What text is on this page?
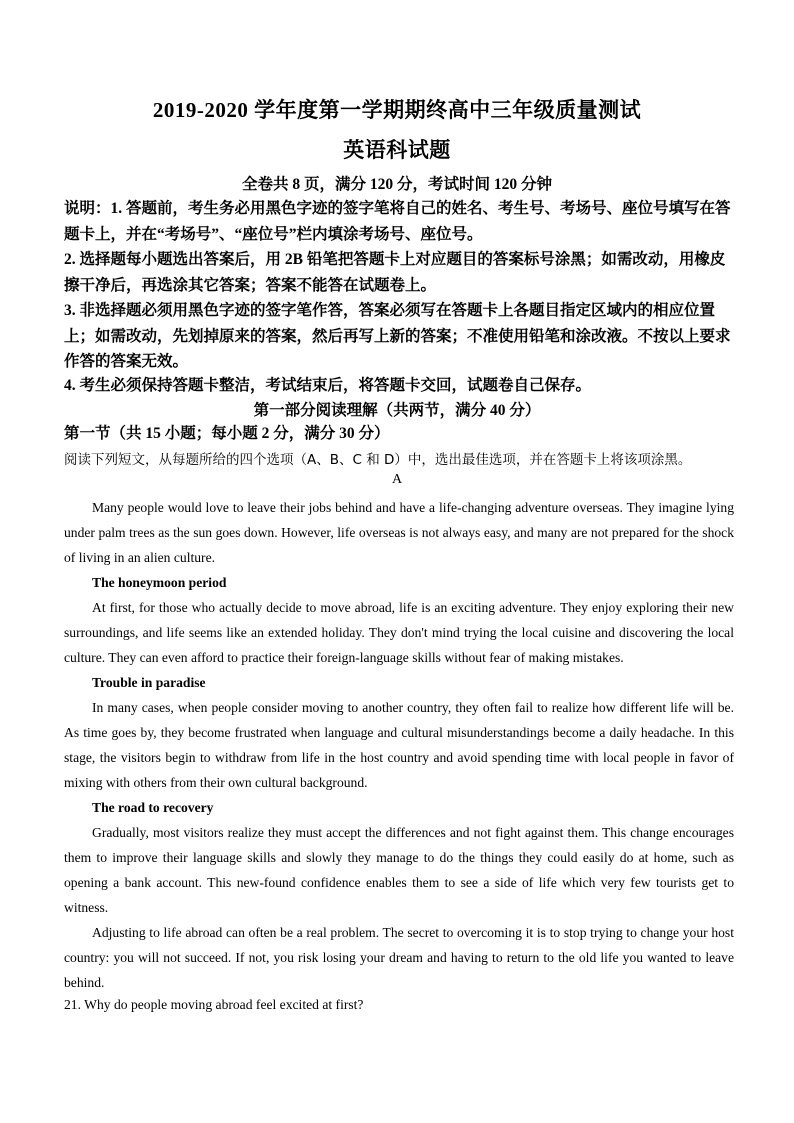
2019-2020 学年度第一学期期终高中三年级质量测试
英语科试题
全卷共 8 页，满分 120 分，考试时间 120 分钟
说明：1. 答题前，考生务必用黑色字迹的签字笔将自己的姓名、考生号、考场号、座位号填写在答题卡上，并在“考场号”、“座位号”栏内填涂考场号、座位号。
2. 选择题每小题选出答案后，用 2B 铅笔把答题卡上对应题目的答案标号涂黑；如需改动，用橡皮擦干净后，再选涂其它答案；答案不能答在试题卷上。
3. 非选择题必须用黑色字迹的签字笔作答，答案必须写在答题卡上各题目指定区域内的相应位置上；如需改动，先划掉原来的答案，然后再写上新的答案；不准使用铅笔和涂改液。不按以上要求作答的答案无效。
4. 考生必须保持答题卡整洁，考试结束后，将答题卡交回，试题卷自己保存。
第一部分阅读理解（共两节，满分 40 分）
第一节（共 15 小题；每小题 2 分，满分 30 分）
阅读下列短文，从每题所给的四个选项（A、B、C 和 D）中，选出最佳选项，并在答题卡上将该项涂黑。
A

Many people would love to leave their jobs behind and have a life-changing adventure overseas. They imagine lying under palm trees as the sun goes down. However, life overseas is not always easy, and many are not prepared for the shock of living in an alien culture.

The honeymoon period

At first, for those who actually decide to move abroad, life is an exciting adventure. They enjoy exploring their new surroundings, and life seems like an extended holiday. They don't mind trying the local cuisine and discovering the local culture. They can even afford to practice their foreign-language skills without fear of making mistakes.

Trouble in paradise

In many cases, when people consider moving to another country, they often fail to realize how different life will be. As time goes by, they become frustrated when language and cultural misunderstandings become a daily headache. In this stage, the visitors begin to withdraw from life in the host country and avoid spending time with local people in favor of mixing with others from their own cultural background.

The road to recovery

Gradually, most visitors realize they must accept the differences and not fight against them. This change encourages them to improve their language skills and slowly they manage to do the things they could easily do at home, such as opening a bank account. This new-found confidence enables them to see a side of life which very few tourists get to witness.

Adjusting to life abroad can often be a real problem. The secret to overcoming it is to stop trying to change your host country: you will not succeed. If not, you risk losing your dream and having to return to the old life you wanted to leave behind.

21. Why do people moving abroad feel excited at first?
